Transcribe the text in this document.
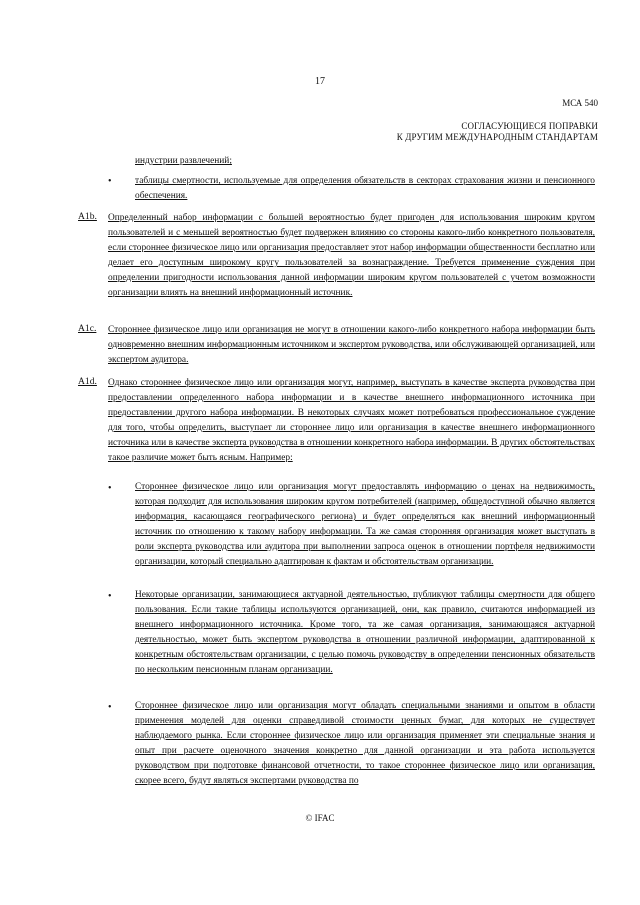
17
МСА 540
СОГЛАСУЮЩИЕСЯ ПОПРАВКИ
К ДРУГИМ МЕЖДУНАРОДНЫМ СТАНДАРТАМ
индустрии развлечений;
• таблицы смертности, используемые для определения обязательств в секторах страхования жизни и пенсионного обеспечения.
A1b. Определенный набор информации с большей вероятностью будет пригоден для использования широким кругом пользователей и с меньшей вероятностью будет подвержен влиянию со стороны какого-либо конкретного пользователя, если стороннее физическое лицо или организация предоставляет этот набор информации общественности бесплатно или делает его доступным широкому кругу пользователей за вознаграждение. Требуется применение суждения при определении пригодности использования данной информации широким кругом пользователей с учетом возможности организации влиять на внешний информационный источник.
A1c. Стороннее физическое лицо или организация не могут в отношении какого-либо конкретного набора информации быть одновременно внешним информационным источником и экспертом руководства, или обслуживающей организацией, или экспертом аудитора.
A1d. Однако стороннее физическое лицо или организация могут, например, выступать в качестве эксперта руководства при предоставлении определенного набора информации и в качестве внешнего информационного источника при предоставлении другого набора информации. В некоторых случаях может потребоваться профессиональное суждение для того, чтобы определить, выступает ли стороннее лицо или организация в качестве внешнего информационного источника или в качестве эксперта руководства в отношении конкретного набора информации. В других обстоятельствах такое различие может быть ясным. Например:
• Стороннее физическое лицо или организация могут предоставлять информацию о ценах на недвижимость, которая подходит для использования широким кругом потребителей (например, общедоступной обычно является информация, касающаяся географического региона) и будет определяться как внешний информационный источник по отношению к такому набору информации. Та же самая сторонняя организация может выступать в роли эксперта руководства или аудитора при выполнении запроса оценок в отношении портфеля недвижимости организации, который специально адаптирован к фактам и обстоятельствам организации.
• Некоторые организации, занимающиеся актуарной деятельностью, публикуют таблицы смертности для общего пользования. Если такие таблицы используются организацией, они, как правило, считаются информацией из внешнего информационного источника. Кроме того, та же самая организация, занимающаяся актуарной деятельностью, может быть экспертом руководства в отношении различной информации, адаптированной к конкретным обстоятельствам организации, с целью помочь руководству в определении пенсионных обязательств по нескольким пенсионным планам организации.
• Стороннее физическое лицо или организация могут обладать специальными знаниями и опытом в области применения моделей для оценки справедливой стоимости ценных бумаг, для которых не существует наблюдаемого рынка. Если стороннее физическое лицо или организация применяет эти специальные знания и опыт при расчете оценочного значения конкретно для данной организации и эта работа используется руководством при подготовке финансовой отчетности, то такое стороннее физическое лицо или организация, скорее всего, будут являться экспертами руководства по
© IFAC
